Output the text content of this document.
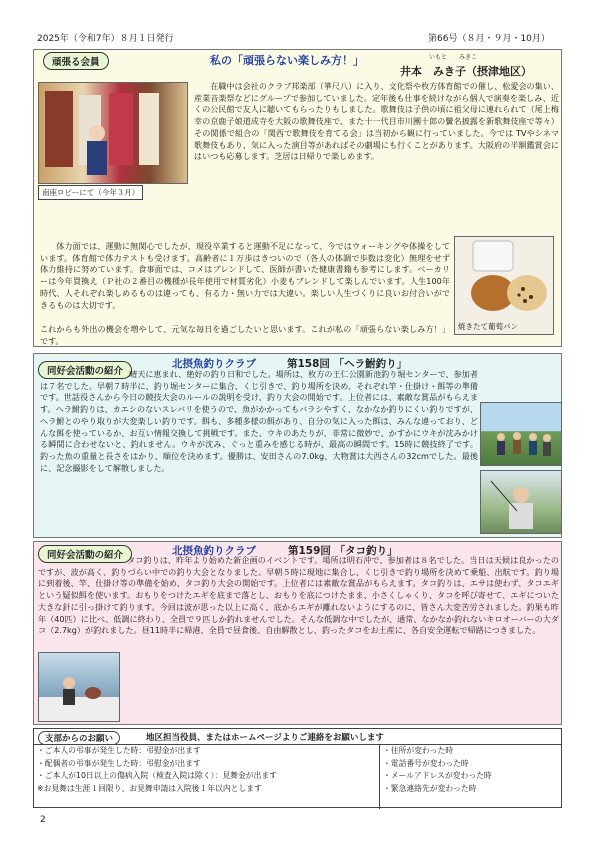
2025年（令和7年）８月１日発行	第66号（８月・９月・10月）
頑張る会員	私の「頑張らない楽しみ方！」	いもと　　みきこ
井本　みき子（摂津地区）
南座ロビーにて（今年３月）
在職中は会社のクラブ邦楽部（箏尺八）に入り、文化祭や枚方体育館での催し、松愛会の集い、産業音楽祭などにグループで参加していました。定年後も仕事を続けながら個人で演奏を楽しみ、近くの公民館で友人に聴いてもらったりもしました。歌舞伎は子供の頃に祖父母に連れられて（尾上梅幸の京鹿子娘道成寺を大阪の歌舞伎座で、また十一代目市川團十郎の鬢名披露を新歌舞伎座で等々）その関係で組合の「関西で歌舞伎を育てる会」は当初から観に行っていました。今では TVやシネマ歌舞伎もあり、気に入った演目等があればその劇場にも行くことがあります。大阪府の半額鑑賞会にはいつも応募します。芝居は日帰りで楽しめます。
焼きたて葡萄パン
体力面では、運動に無関心でしたが、現役卒業すると運動不足になって、今ではウォーキングや体操をしています。体育館で体力テストも受けます。高齢者に１万歩はきついので（各人の体調で歩数は変化）無理をせず体力維持に努めています。食事面では、コメはブレンドして、医師が書いた健康書籍も参考にします。ベーカリーは今年買換え（Ｐ社の２番目の機種が長年使用で材質劣化）小麦もブレンドして楽しんでいます。人生100年時代、人それぞれ楽しめるものは違っても、有る力・無い力では大違い。楽しい人生づくりに良いお付合いができるものは大切です。
これからも外出の機会を増やして、元気な毎日を過ごしたいと思います。これが私の「頑張らない楽しみ方！」です。
同好会活動の紹介
北摂魚釣りクラブ	第158回 「ヘラ鮒釣り」
晴天に恵まれ、絶好の釣り日和でした。場所は、枚方の王仁公園新池釣り堀センターで、参加者は７名でした。早朝７時半に、釣り堀センターに集合、くじ引きで、釣り場所を決め、それぞれ竿・仕掛け・餌等の準備です。世話役さんから今日の競技大会のルールの説明を受け、釣り大会の開始です。上位者には、素敵な賞品がもらえます。ヘラ鮒釣りは、カエシのないスレバリを使うので、魚がかかってもバラシやすく、なかなか釣りにくい釣りですが、ヘラ鮒とのやり取りが大変楽しい釣りです。餌も、多種多様の餌があり、自分の気に入った餌は、みんな違っており、どんな餌を使っているか、お互い情報交換して挑戦です。また、ウキのあたりが、非常に微妙で、かすかにウキが沈みかける瞬間に合わせないと、釣れません。ウキが沈み、ぐっと重みを感じる時が、最高の瞬間です。15時に競技終了です。釣った魚の重量と長さをはかり、順位を決めます。優勝は、安田さんの7.0kg、大物賞は大西さんの32cmでした。最後に、記念撮影をして解散しました。
同好会活動の紹介	北摂魚釣りクラブ	第159回 「タコ釣り」
タコ釣りは、昨年より始めた新企画のイベントです。場所は明石沖で、参加者は８名でした。当日は天候は良かったのですが、波が高く、釣りづらい中での釣り大会となりました。早朝５時に現地に集合し、くじ引きで釣り場所を決めて乗船、出航です。釣り場に到着後、竿、仕掛け等の準備を始め、タコ釣り大会の開始です。上位者には素敵な賞品がもらえます。タコ釣りは、エサは使わず、タコエギという疑似餌を使います。おもりをつけたエギを底まで落とし、おもりを底につけたまま、小さくしゃくり、タコを呼び寄せて、エギについた大きな針に引っ掛けて釣ります。今回は波が思った以上に高く、底からエギが離れないようにするのに、皆さん大変苦労されました。釣果も昨年（40匹）に比べ、低調に終わり、全員で９匹しか釣れませんでした。そんな低調な中でしたが、通常、なかなか釣れないキロオーバーの大ダコ（2.7kg）が釣れました。昼11時半に帰港、全員で昼食後、自由解散とし、釣ったタコをお土産に、各自安全運転で帰路につきました。
支部からのお願い	地区担当役員、またはホームページよりご連絡をお願いします
・ご本人の弔事が発生した時：弔慰金が出ます
・配偶者の弔事が発生した時：弔慰金が出ます
・ご本人が10日以上の傷病入院（検査入院は除く）：見舞金が出ます
※お見舞は生涯１回限り、お見舞申請は入院後１年以内とします
・住所が変わった時
・電話番号が変わった時
・メールアドレスが変わった時
・緊急連絡先が変わった時
2
